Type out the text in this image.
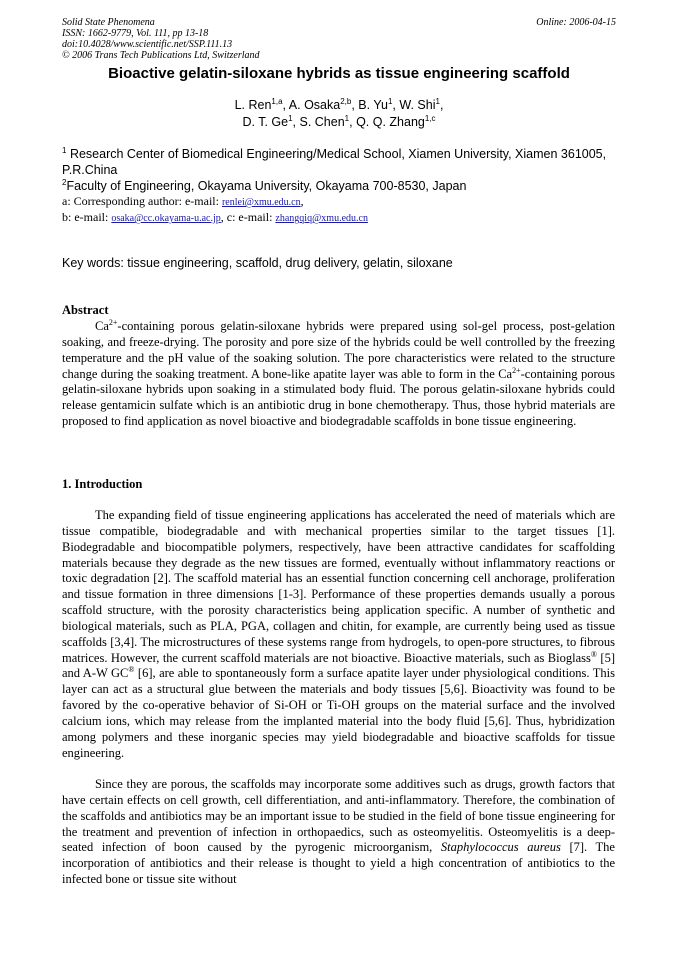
Solid State Phenomena
ISSN: 1662-9779, Vol. 111, pp 13-18
doi:10.4028/www.scientific.net/SSP.111.13
© 2006 Trans Tech Publications Ltd, Switzerland
Online: 2006-04-15
Bioactive gelatin-siloxane hybrids as tissue engineering scaffold
L. Ren$^{1,a}$, A. Osaka$^{2,b}$, B. Yu$^1$, W. Shi$^1$,
D. T. Ge$^1$, S. Chen$^1$, Q. Q. Zhang$^{1,c}$
$^1$ Research Center of Biomedical Engineering/Medical School, Xiamen University, Xiamen 361005, P.R.China
$^2$Faculty of Engineering, Okayama University, Okayama 700-8530, Japan
a: Corresponding author: e-mail: renlei@xmu.edu.cn,
b: e-mail: osaka@cc.okayama-u.ac.jp, c: e-mail: zhangqiq@xmu.edu.cn
Key words: tissue engineering, scaffold, drug delivery, gelatin, siloxane
Abstract

$Ca^{2+}$-containing porous gelatin-siloxane hybrids were prepared using sol-gel process, post-gelation soaking, and freeze-drying. The porosity and pore size of the hybrids could be well controlled by the freezing temperature and the pH value of the soaking solution. The pore characteristics were related to the structure change during the soaking treatment. A bone-like apatite layer was able to form in the $Ca^{2+}$-containing porous gelatin-siloxane hybrids upon soaking in a stimulated body fluid. The porous gelatin-siloxane hybrids could release gentamicin sulfate which is an antibiotic drug in bone chemotherapy. Thus, those hybrid materials are proposed to find application as novel bioactive and biodegradable scaffolds in bone tissue engineering.

1. Introduction

The expanding field of tissue engineering applications has accelerated the need of materials which are tissue compatible, biodegradable and with mechanical properties similar to the target tissues [1]. Biodegradable and biocompatible polymers, respectively, have been attractive candidates for scaffolding materials because they degrade as the new tissues are formed, eventually without inflammatory reactions or toxic degradation [2]. The scaffold material has an essential function concerning cell anchorage, proliferation and tissue formation in three dimensions [1-3]. Performance of these properties demands usually a porous scaffold structure, with the porosity characteristics being application specific. A number of synthetic and biological materials, such as PLA, PGA, collagen and chitin, for example, are currently being used as tissue scaffolds [3,4]. The microstructures of these systems range from hydrogels, to open-pore structures, to fibrous matrices. However, the current scaffold materials are not bioactive. Bioactive materials, such as Bioglass® [5] and A-W GC® [6], are able to spontaneously form a surface apatite layer under physiological conditions. This layer can act as a structural glue between the materials and body tissues [5,6]. Bioactivity was found to be favored by the co-operative behavior of Si-OH or Ti-OH groups on the material surface and the involved calcium ions, which may release from the implanted material into the body fluid [5,6]. Thus, hybridization among polymers and these inorganic species may yield biodegradable and bioactive scaffolds for tissue engineering.

Since they are porous, the scaffolds may incorporate some additives such as drugs, growth factors that have certain effects on cell growth, cell differentiation, and anti-inflammatory. Therefore, the combination of the scaffolds and antibiotics may be an important issue to be studied in the field of bone tissue engineering for the treatment and prevention of infection in orthopaedics, such as osteomyelitis. Osteomyelitis is a deep-seated infection of boon caused by the pyrogenic microorganism, Staphylococcus aureus [7]. The incorporation of antibiotics and their release is thought to yield a high concentration of antibiotics to the infected bone or tissue site without
